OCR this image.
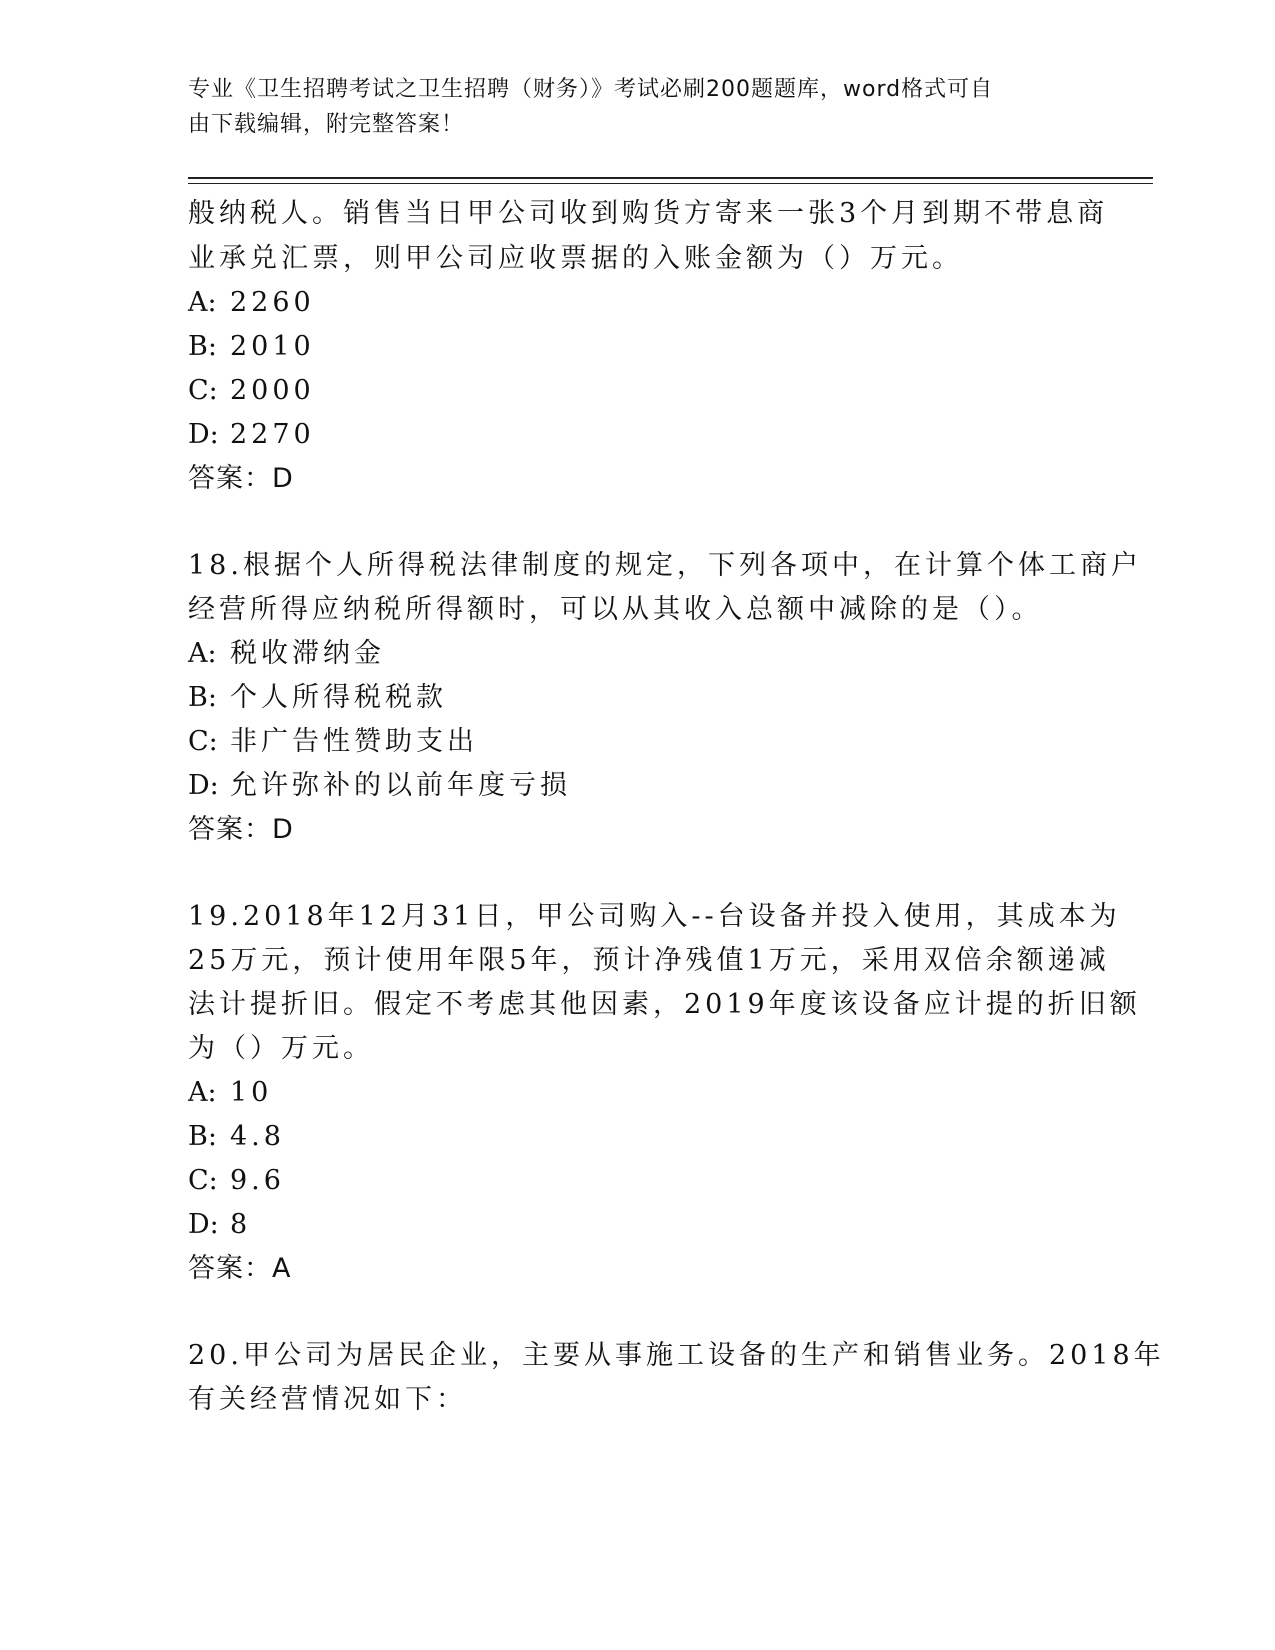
专业《卫生招聘考试之卫生招聘（财务）》考试必刷200题题库，word格式可自
由下载编辑，附完整答案！
般纳税人。销售当日甲公司收到购货方寄来一张3个月到期不带息商
业承兑汇票，则甲公司应收票据的入账金额为（）万元。
A: 2260
B: 2010
C: 2000
D: 2270
答案：D
18.根据个人所得税法律制度的规定，下列各项中，在计算个体工商户
经营所得应纳税所得额时，可以从其收入总额中减除的是（）。
A: 税收滞纳金
B: 个人所得税税款
C: 非广告性赞助支出
D: 允许弥补的以前年度亏损
答案：D
19.2018年12月31日，甲公司购入--台设备并投入使用，其成本为
25万元，预计使用年限5年，预计净残值1万元，采用双倍余额递减
法计提折旧。假定不考虑其他因素，2019年度该设备应计提的折旧额
为（）万元。
A: 10
B: 4.8
C: 9.6
D: 8
答案：A
20.甲公司为居民企业，主要从事施工设备的生产和销售业务。2018年
有关经营情况如下：
